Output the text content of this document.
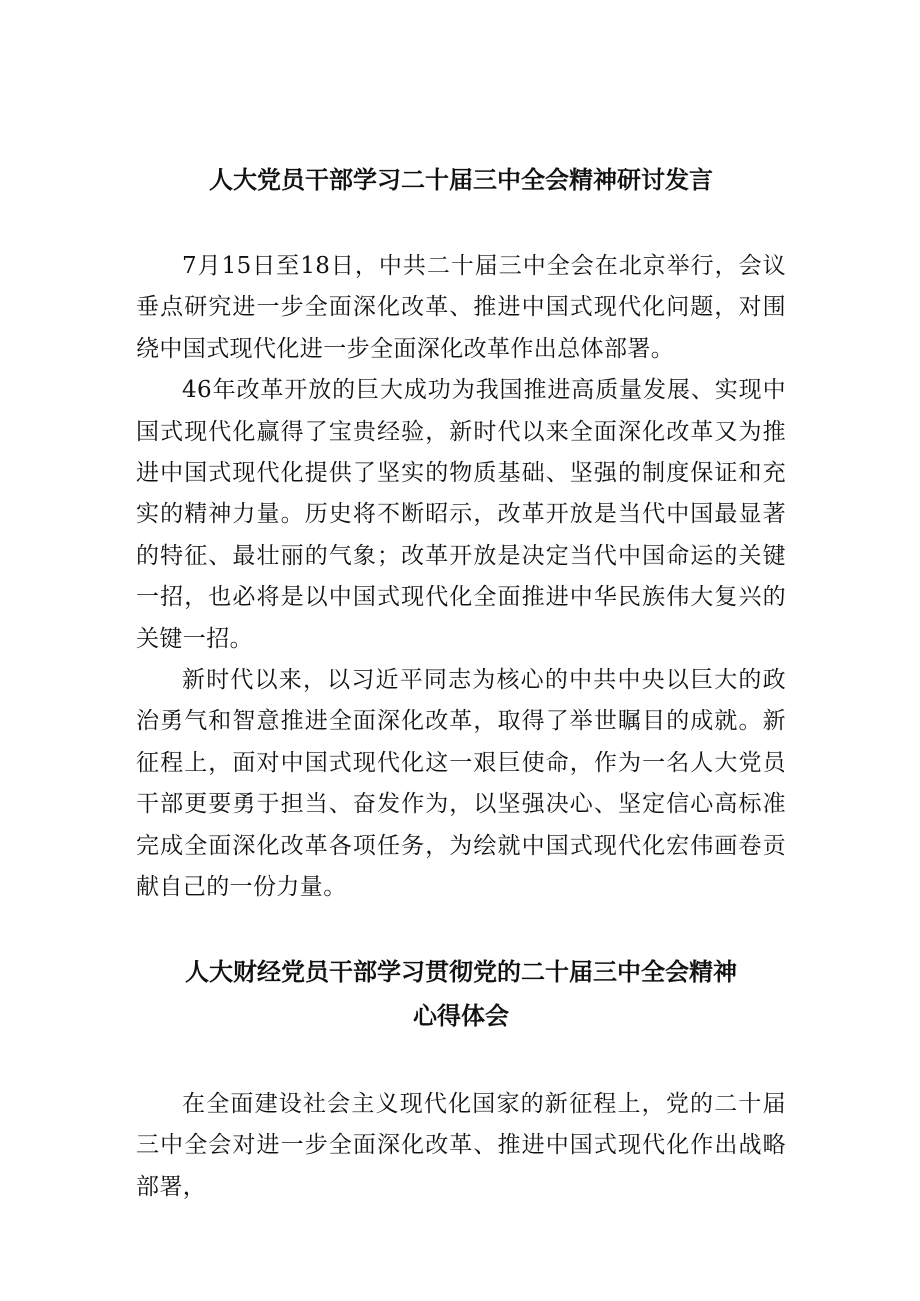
人大党员干部学习二十届三中全会精神研讨发言

7月15日至18日，中共二十届三中全会在北京举行，会议垂点研究进一步全面深化改革、推进中国式现代化问题，对围绕中国式现代化进一步全面深化改革作出总体部署。

46年改革开放的巨大成功为我国推进高质量发展、实现中国式现代化赢得了宝贵经验，新时代以来全面深化改革又为推进中国式现代化提供了坚实的物质基础、坚强的制度保证和充实的精神力量。历史将不断昭示，改革开放是当代中国最显著的特征、最壮丽的气象；改革开放是决定当代中国命运的关键一招，也必将是以中国式现代化全面推进中华民族伟大复兴的关键一招。

新时代以来，以习近平同志为核心的中共中央以巨大的政治勇气和智意推进全面深化改革，取得了举世瞩目的成就。新征程上，面对中国式现代化这一艰巨使命，作为一名人大党员干部更要勇于担当、奋发作为，以坚强决心、坚定信心高标准完成全面深化改革各项任务，为绘就中国式现代化宏伟画卷贡献自己的一份力量。

人大财经党员干部学习贯彻党的二十届三中全会精神
心得体会

在全面建设社会主义现代化国家的新征程上，党的二十届三中全会对进一步全面深化改革、推进中国式现代化作出战略部署，
